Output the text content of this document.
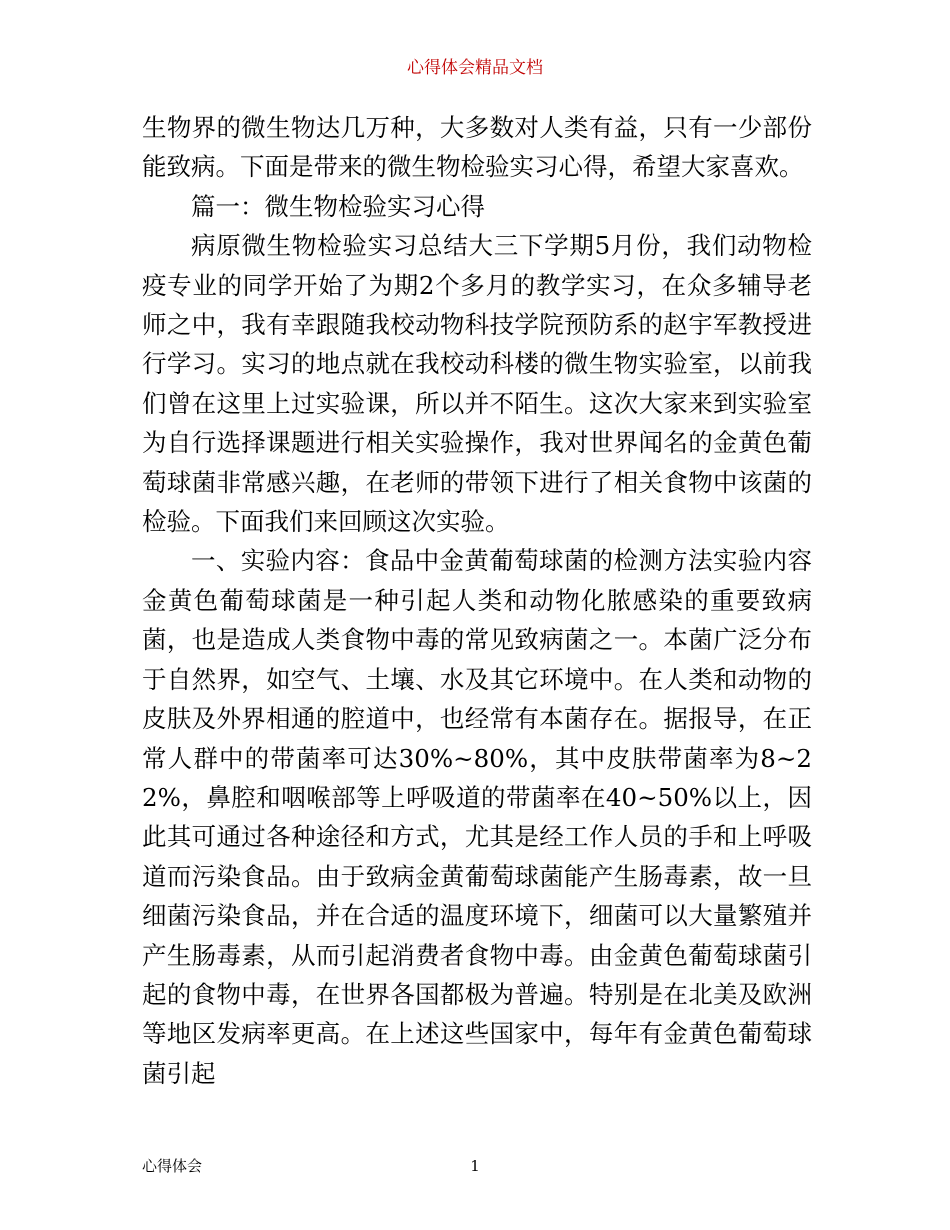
心得体会精品文档

生物界的微生物达几万种，大多数对人类有益，只有一少部份能致病。下面是带来的微生物检验实习心得，希望大家喜欢。

篇一：微生物检验实习心得

病原微生物检验实习总结大三下学期5月份，我们动物检疫专业的同学开始了为期2个多月的教学实习，在众多辅导老师之中，我有幸跟随我校动物科技学院预防系的赵宇军教授进行学习。实习的地点就在我校动科楼的微生物实验室，以前我们曾在这里上过实验课，所以并不陌生。这次大家来到实验室为自行选择课题进行相关实验操作，我对世界闻名的金黄色葡萄球菌非常感兴趣，在老师的带领下进行了相关食物中该菌的检验。下面我们来回顾这次实验。

一、实验内容：食品中金黄葡萄球菌的检测方法实验内容金黄色葡萄球菌是一种引起人类和动物化脓感染的重要致病菌，也是造成人类食物中毒的常见致病菌之一。本菌广泛分布于自然界，如空气、土壤、水及其它环境中。在人类和动物的皮肤及外界相通的腔道中，也经常有本菌存在。据报导，在正常人群中的带菌率可达30%~80%，其中皮肤带菌率为8~22%，鼻腔和咽喉部等上呼吸道的带菌率在40~50%以上，因此其可通过各种途径和方式，尤其是经工作人员的手和上呼吸道而污染食品。由于致病金黄葡萄球菌能产生肠毒素，故一旦细菌污染食品，并在合适的温度环境下，细菌可以大量繁殖并产生肠毒素，从而引起消费者食物中毒。由金黄色葡萄球菌引起的食物中毒，在世界各国都极为普遍。特别是在北美及欧洲等地区发病率更高。在上述这些国家中，每年有金黄色葡萄球菌引起

心得体会	1
